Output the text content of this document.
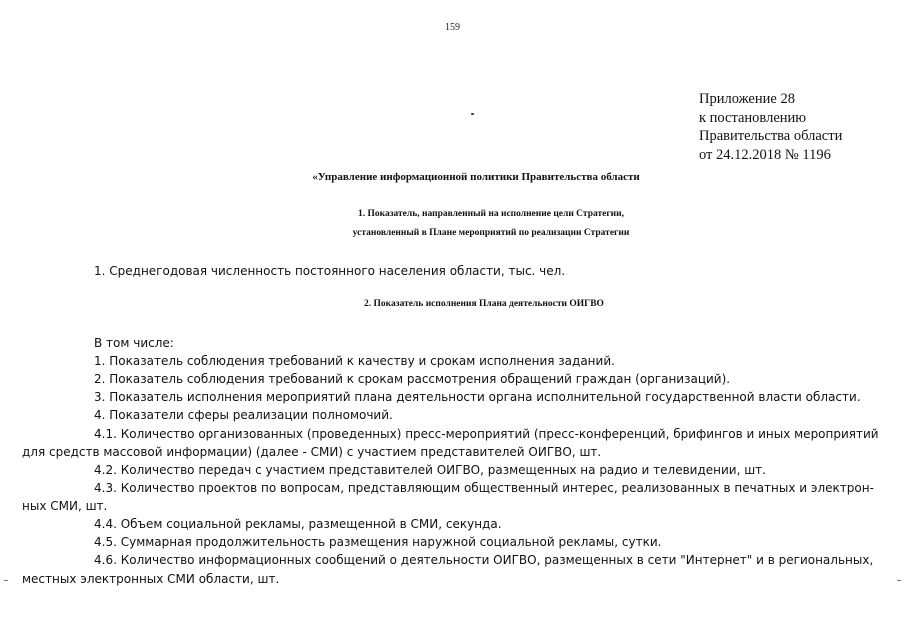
159
Приложение 28
к постановлению
Правительства области
от 24.12.2018 № 1196
«Управление информационной политики Правительства области
1. Показатель, направленный на исполнение цели Стратегии,
установленный в Плане мероприятий по реализации Стратегии
1. Среднегодовая численность постоянного населения области, тыс. чел.
2. Показатель исполнения Плана деятельности ОИГВО
В том числе:
1. Показатель соблюдения требований к качеству и срокам исполнения заданий.
2. Показатель соблюдения требований к срокам рассмотрения обращений граждан (организаций).
3. Показатель исполнения мероприятий плана деятельности органа исполнительной государственной власти области.
4. Показатели сферы реализации полномочий.
4.1. Количество организованных (проведенных) пресс-мероприятий (пресс-конференций, брифингов и иных мероприятий
для средств массовой информации) (далее - СМИ) с участием представителей ОИГВО, шт.
4.2. Количество передач с участием представителей ОИГВО, размещенных на радио и телевидении, шт.
4.3. Количество проектов по вопросам, представляющим общественный интерес, реализованных в печатных и электрон-
ных СМИ, шт.
4.4. Объем социальной рекламы, размещенной в СМИ, секунда.
4.5. Суммарная продолжительность размещения наружной социальной рекламы, сутки.
4.6. Количество информационных сообщений о деятельности ОИГВО, размещенных в сети "Интернет" и в региональных,
местных электронных СМИ области, шт.
